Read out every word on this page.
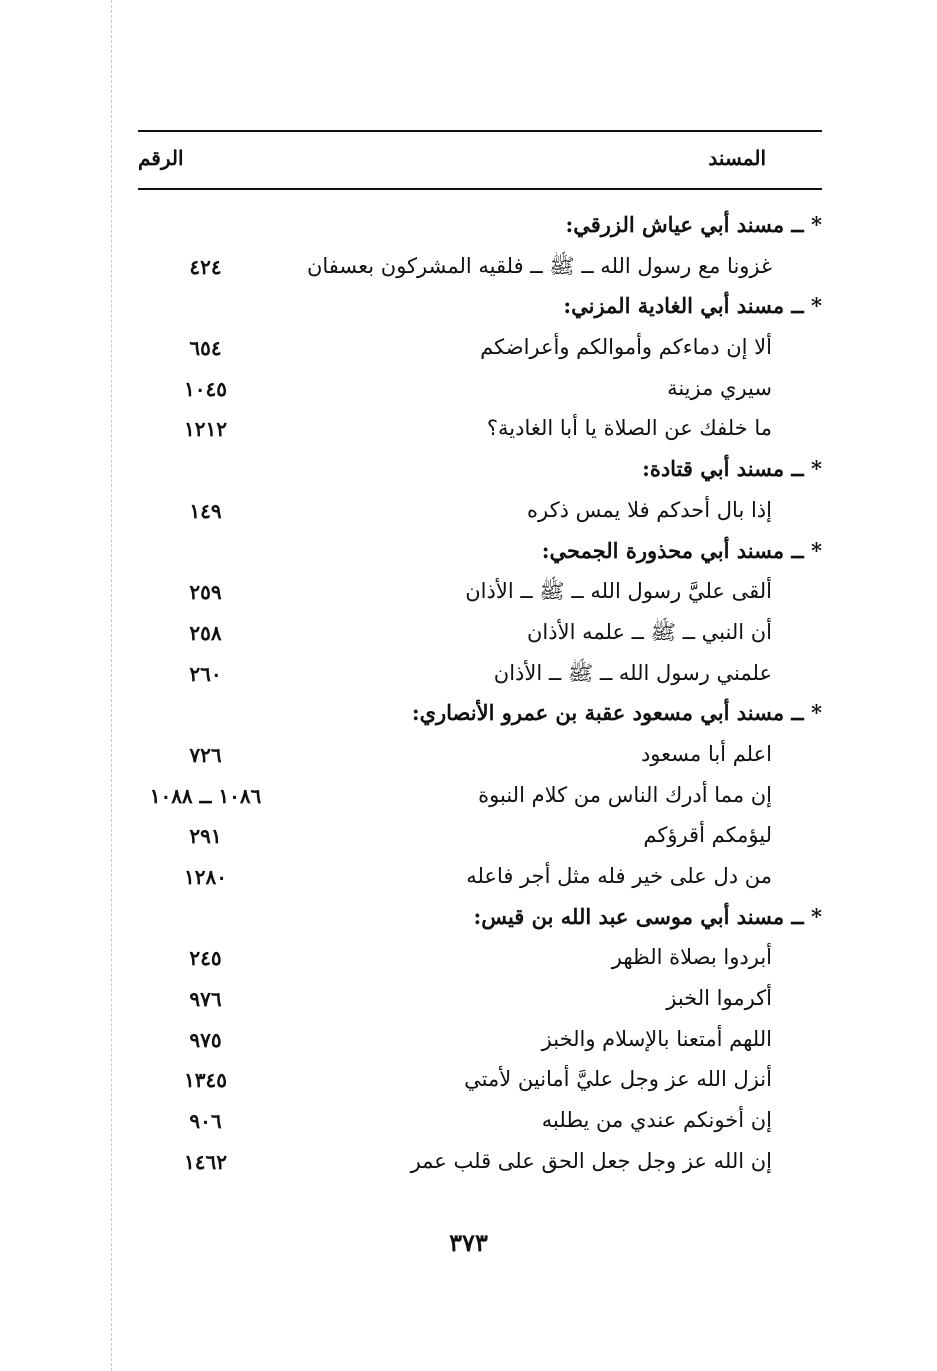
المسند
الرقم
* ــ مسند أبي عياش الزرقي:
غزونا مع رسول الله ــ ﷺ ــ فلقيه المشركون بعسفان
٤٢٤
* ــ مسند أبي الغادية المزني:
ألا إن دماءكم وأموالكم وأعراضكم
٦٥٤
سيري مزينة
١٠٤٥
ما خلفك عن الصلاة يا أبا الغادية؟
١٢١٢
* ــ مسند أبي قتادة:
إذا بال أحدكم فلا يمس ذكره
١٤٩
* ــ مسند أبي محذورة الجمحي:
ألقى عليَّ رسول الله ــ ﷺ ــ الأذان
٢٥٩
أن النبي ــ ﷺ ــ علمه الأذان
٢٥٨
علمني رسول الله ــ ﷺ ــ الأذان
٢٦٠
* ــ مسند أبي مسعود عقبة بن عمرو الأنصاري:
اعلم أبا مسعود
٧٢٦
إن مما أدرك الناس من كلام النبوة
١٠٨٦ ــ ١٠٨٨
ليؤمكم أقرؤكم
٢٩١
من دل على خير فله مثل أجر فاعله
١٢٨٠
* ــ مسند أبي موسى عبد الله بن قيس:
أبردوا بصلاة الظهر
٢٤٥
أكرموا الخبز
٩٧٦
اللهم أمتعنا بالإسلام والخبز
٩٧٥
أنزل الله عز وجل عليَّ أمانين لأمتي
١٣٤٥
إن أخونكم عندي من يطلبه
٩٠٦
إن الله عز وجل جعل الحق على قلب عمر
١٤٦٢
٣٧٣
